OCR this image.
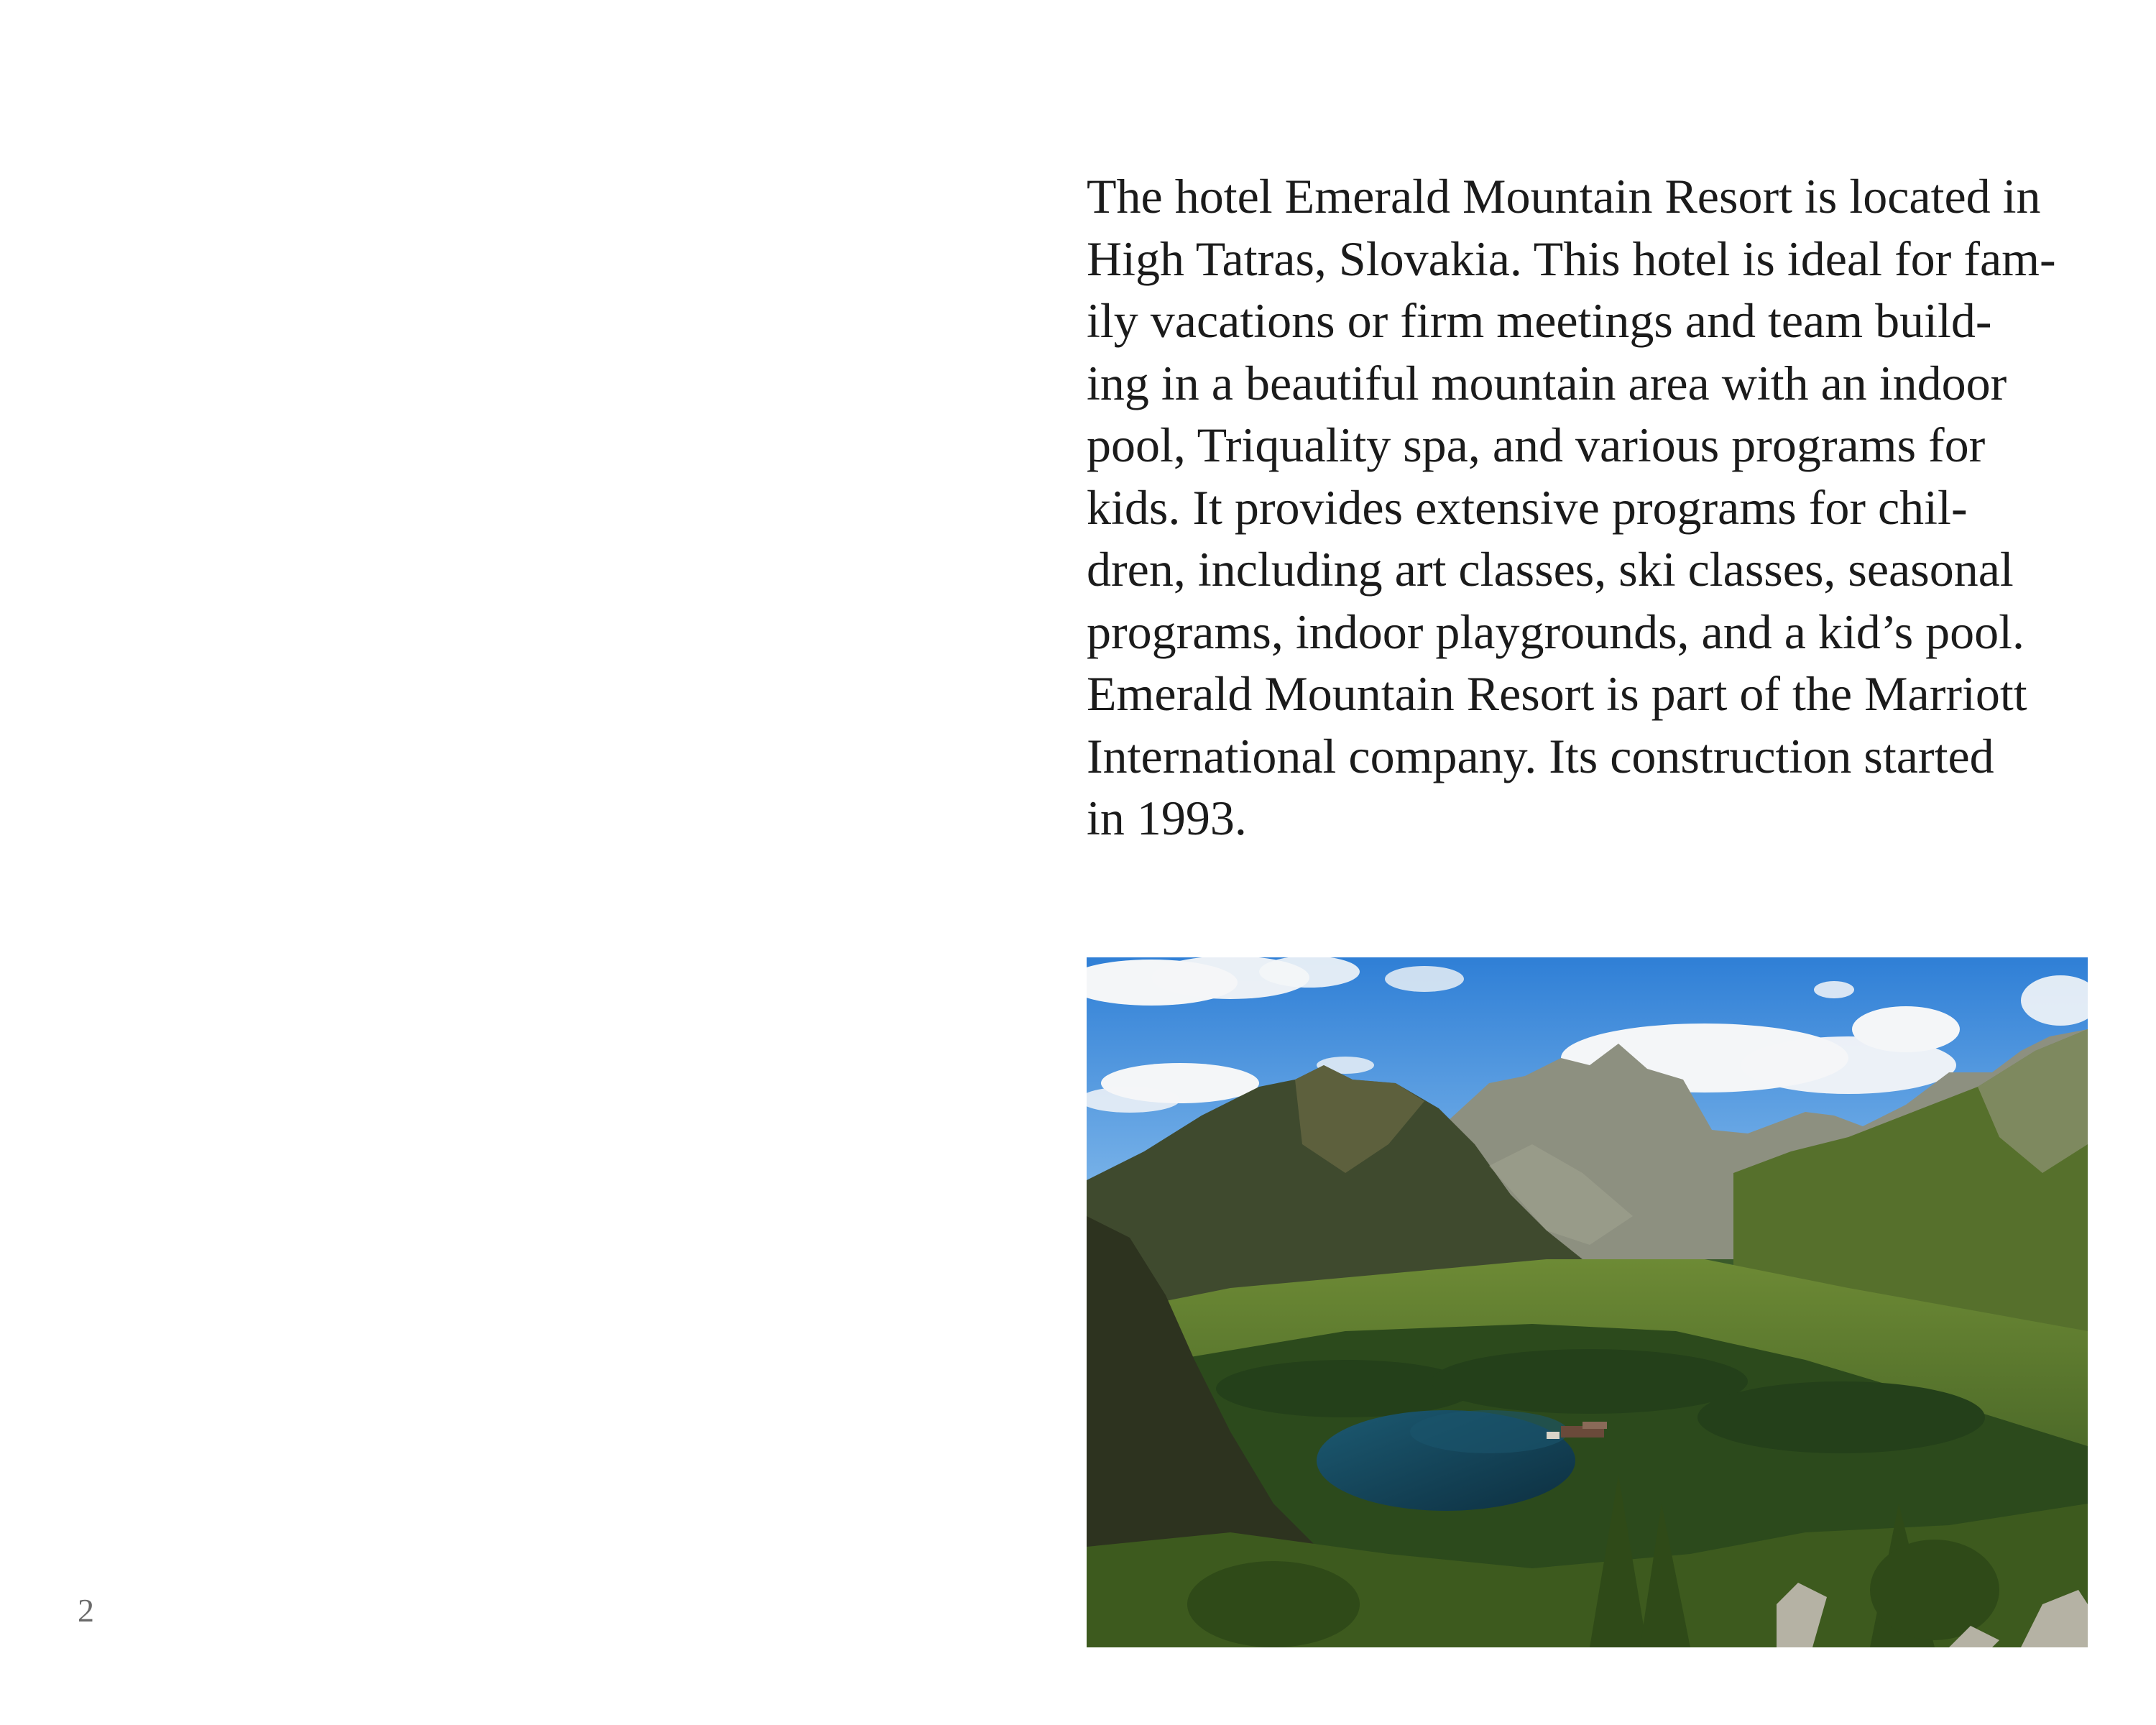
The hotel Emerald Mountain Resort is located in
High Tatras, Slovakia. This hotel is ideal for fam-
ily vacations or firm meetings and team build-
ing in a beautiful mountain area with an indoor
pool, Triquality spa, and various programs for
kids. It provides extensive programs for chil-
dren, including art classes, ski classes, seasonal
programs, indoor playgrounds, and a kid’s pool.
Emerald Mountain Resort is part of the Marriott
International company. Its construction started
in 1993.

2
